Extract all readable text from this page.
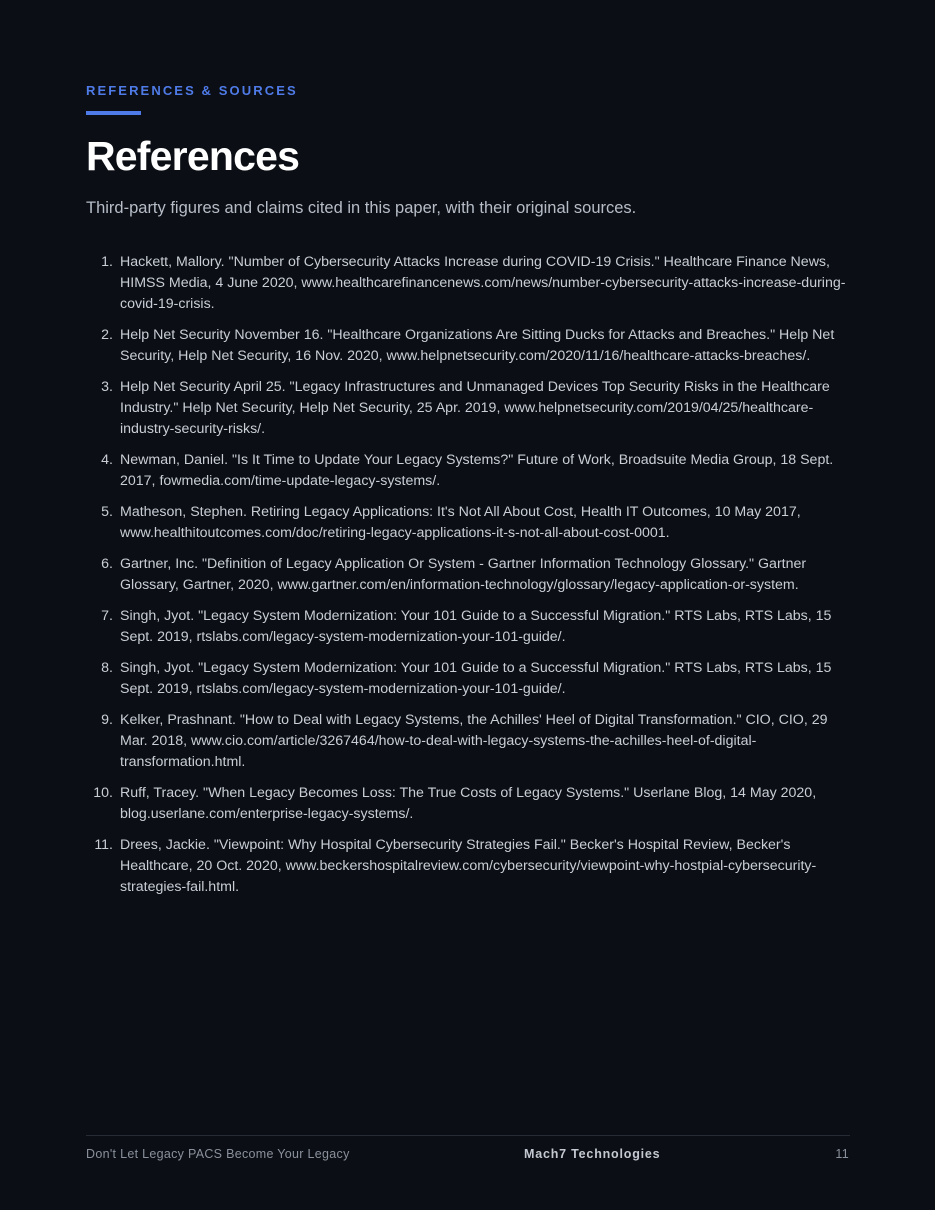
REFERENCES & SOURCES
References

Third-party figures and claims cited in this paper, with their original sources.

1. Hackett, Mallory. "Number of Cybersecurity Attacks Increase during COVID-19 Crisis." Healthcare Finance News, HIMSS Media, 4 June 2020, www.healthcarefinancenews.com/news/number-cybersecurity-attacks-increase-during-covid-19-crisis.
2. Help Net Security November 16. "Healthcare Organizations Are Sitting Ducks for Attacks and Breaches." Help Net Security, Help Net Security, 16 Nov. 2020, www.helpnetsecurity.com/2020/11/16/healthcare-attacks-breaches/.
3. Help Net Security April 25. "Legacy Infrastructures and Unmanaged Devices Top Security Risks in the Healthcare Industry." Help Net Security, Help Net Security, 25 Apr. 2019, www.helpnetsecurity.com/2019/04/25/healthcare-industry-security-risks/.
4. Newman, Daniel. "Is It Time to Update Your Legacy Systems?" Future of Work, Broadsuite Media Group, 18 Sept. 2017, fowmedia.com/time-update-legacy-systems/.
5. Matheson, Stephen. Retiring Legacy Applications: It's Not All About Cost, Health IT Outcomes, 10 May 2017, www.healthitoutcomes.com/doc/retiring-legacy-applications-it-s-not-all-about-cost-0001.
6. Gartner, Inc. "Definition of Legacy Application Or System - Gartner Information Technology Glossary." Gartner Glossary, Gartner, 2020, www.gartner.com/en/information-technology/glossary/legacy-application-or-system.
7. Singh, Jyot. "Legacy System Modernization: Your 101 Guide to a Successful Migration." RTS Labs, RTS Labs, 15 Sept. 2019, rtslabs.com/legacy-system-modernization-your-101-guide/.
8. Singh, Jyot. "Legacy System Modernization: Your 101 Guide to a Successful Migration." RTS Labs, RTS Labs, 15 Sept. 2019, rtslabs.com/legacy-system-modernization-your-101-guide/.
9. Kelker, Prashnant. "How to Deal with Legacy Systems, the Achilles' Heel of Digital Transformation." CIO, CIO, 29 Mar. 2018, www.cio.com/article/3267464/how-to-deal-with-legacy-systems-the-achilles-heel-of-digital-transformation.html.
10. Ruff, Tracey. "When Legacy Becomes Loss: The True Costs of Legacy Systems." Userlane Blog, 14 May 2020, blog.userlane.com/enterprise-legacy-systems/.
11. Drees, Jackie. "Viewpoint: Why Hospital Cybersecurity Strategies Fail." Becker's Hospital Review, Becker's Healthcare, 20 Oct. 2020, www.beckershospitalreview.com/cybersecurity/viewpoint-why-hostpial-cybersecurity-strategies-fail.html.
Don't Let Legacy PACS Become Your Legacy	Mach7 Technologies	11
